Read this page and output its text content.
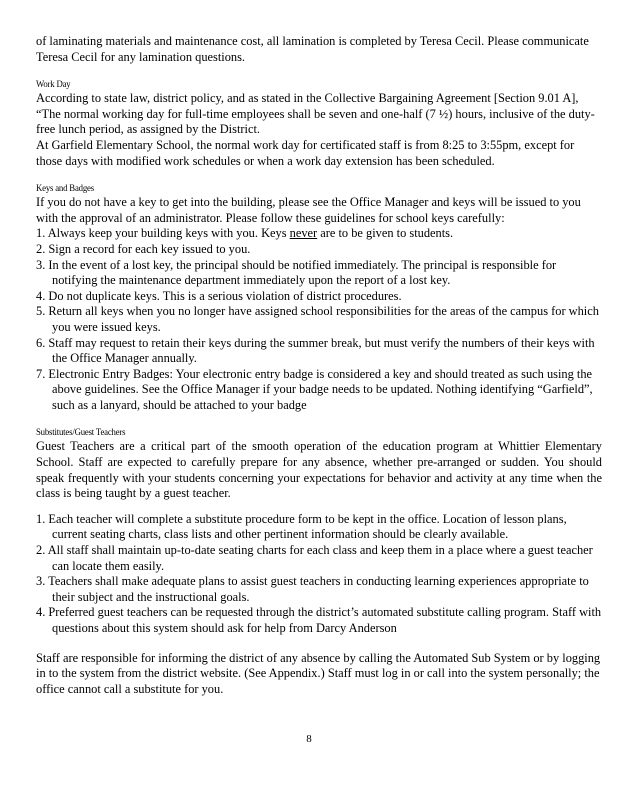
of laminating materials and maintenance cost, all lamination is completed by Teresa Cecil. Please communicate Teresa Cecil for any lamination questions.

Work Day

According to state law, district policy, and as stated in the Collective Bargaining Agreement [Section 9.01 A], “The normal working day for full-time employees shall be seven and one-half (7 ½) hours, inclusive of the duty-free lunch period, as assigned by the District.

At Garfield Elementary School, the normal work day for certificated staff is from 8:25 to 3:55pm, except for those days with modified work schedules or when a work day extension has been scheduled.

Keys and Badges

If you do not have a key to get into the building, please see the Office Manager and keys will be issued to you with the approval of an administrator. Please follow these guidelines for school keys carefully:

1. Always keep your building keys with you. Keys never are to be given to students.
2. Sign a record for each key issued to you.
3. In the event of a lost key, the principal should be notified immediately. The principal is responsible for notifying the maintenance department immediately upon the report of a lost key.
4. Do not duplicate keys. This is a serious violation of district procedures.
5. Return all keys when you no longer have assigned school responsibilities for the areas of the campus for which you were issued keys.
6. Staff may request to retain their keys during the summer break, but must verify the numbers of their keys with the Office Manager annually.
7. Electronic Entry Badges: Your electronic entry badge is considered a key and should treated as such using the above guidelines. See the Office Manager if your badge needs to be updated. Nothing identifying “Garfield”, such as a lanyard, should be attached to your badge

Substitutes/Guest Teachers

Guest Teachers are a critical part of the smooth operation of the education program at Whittier Elementary School. Staff are expected to carefully prepare for any absence, whether pre-arranged or sudden. You should speak frequently with your students concerning your expectations for behavior and activity at any time when the class is being taught by a guest teacher.

1. Each teacher will complete a substitute procedure form to be kept in the office. Location of lesson plans, current seating charts, class lists and other pertinent information should be clearly available.
2. All staff shall maintain up-to-date seating charts for each class and keep them in a place where a guest teacher can locate them easily.
3. Teachers shall make adequate plans to assist guest teachers in conducting learning experiences appropriate to their subject and the instructional goals.
4. Preferred guest teachers can be requested through the district’s automated substitute calling program. Staff with questions about this system should ask for help from Darcy Anderson

Staff are responsible for informing the district of any absence by calling the Automated Sub System or by logging in to the system from the district website. (See Appendix.) Staff must log in or call into the system personally; the office cannot call a substitute for you.

8
